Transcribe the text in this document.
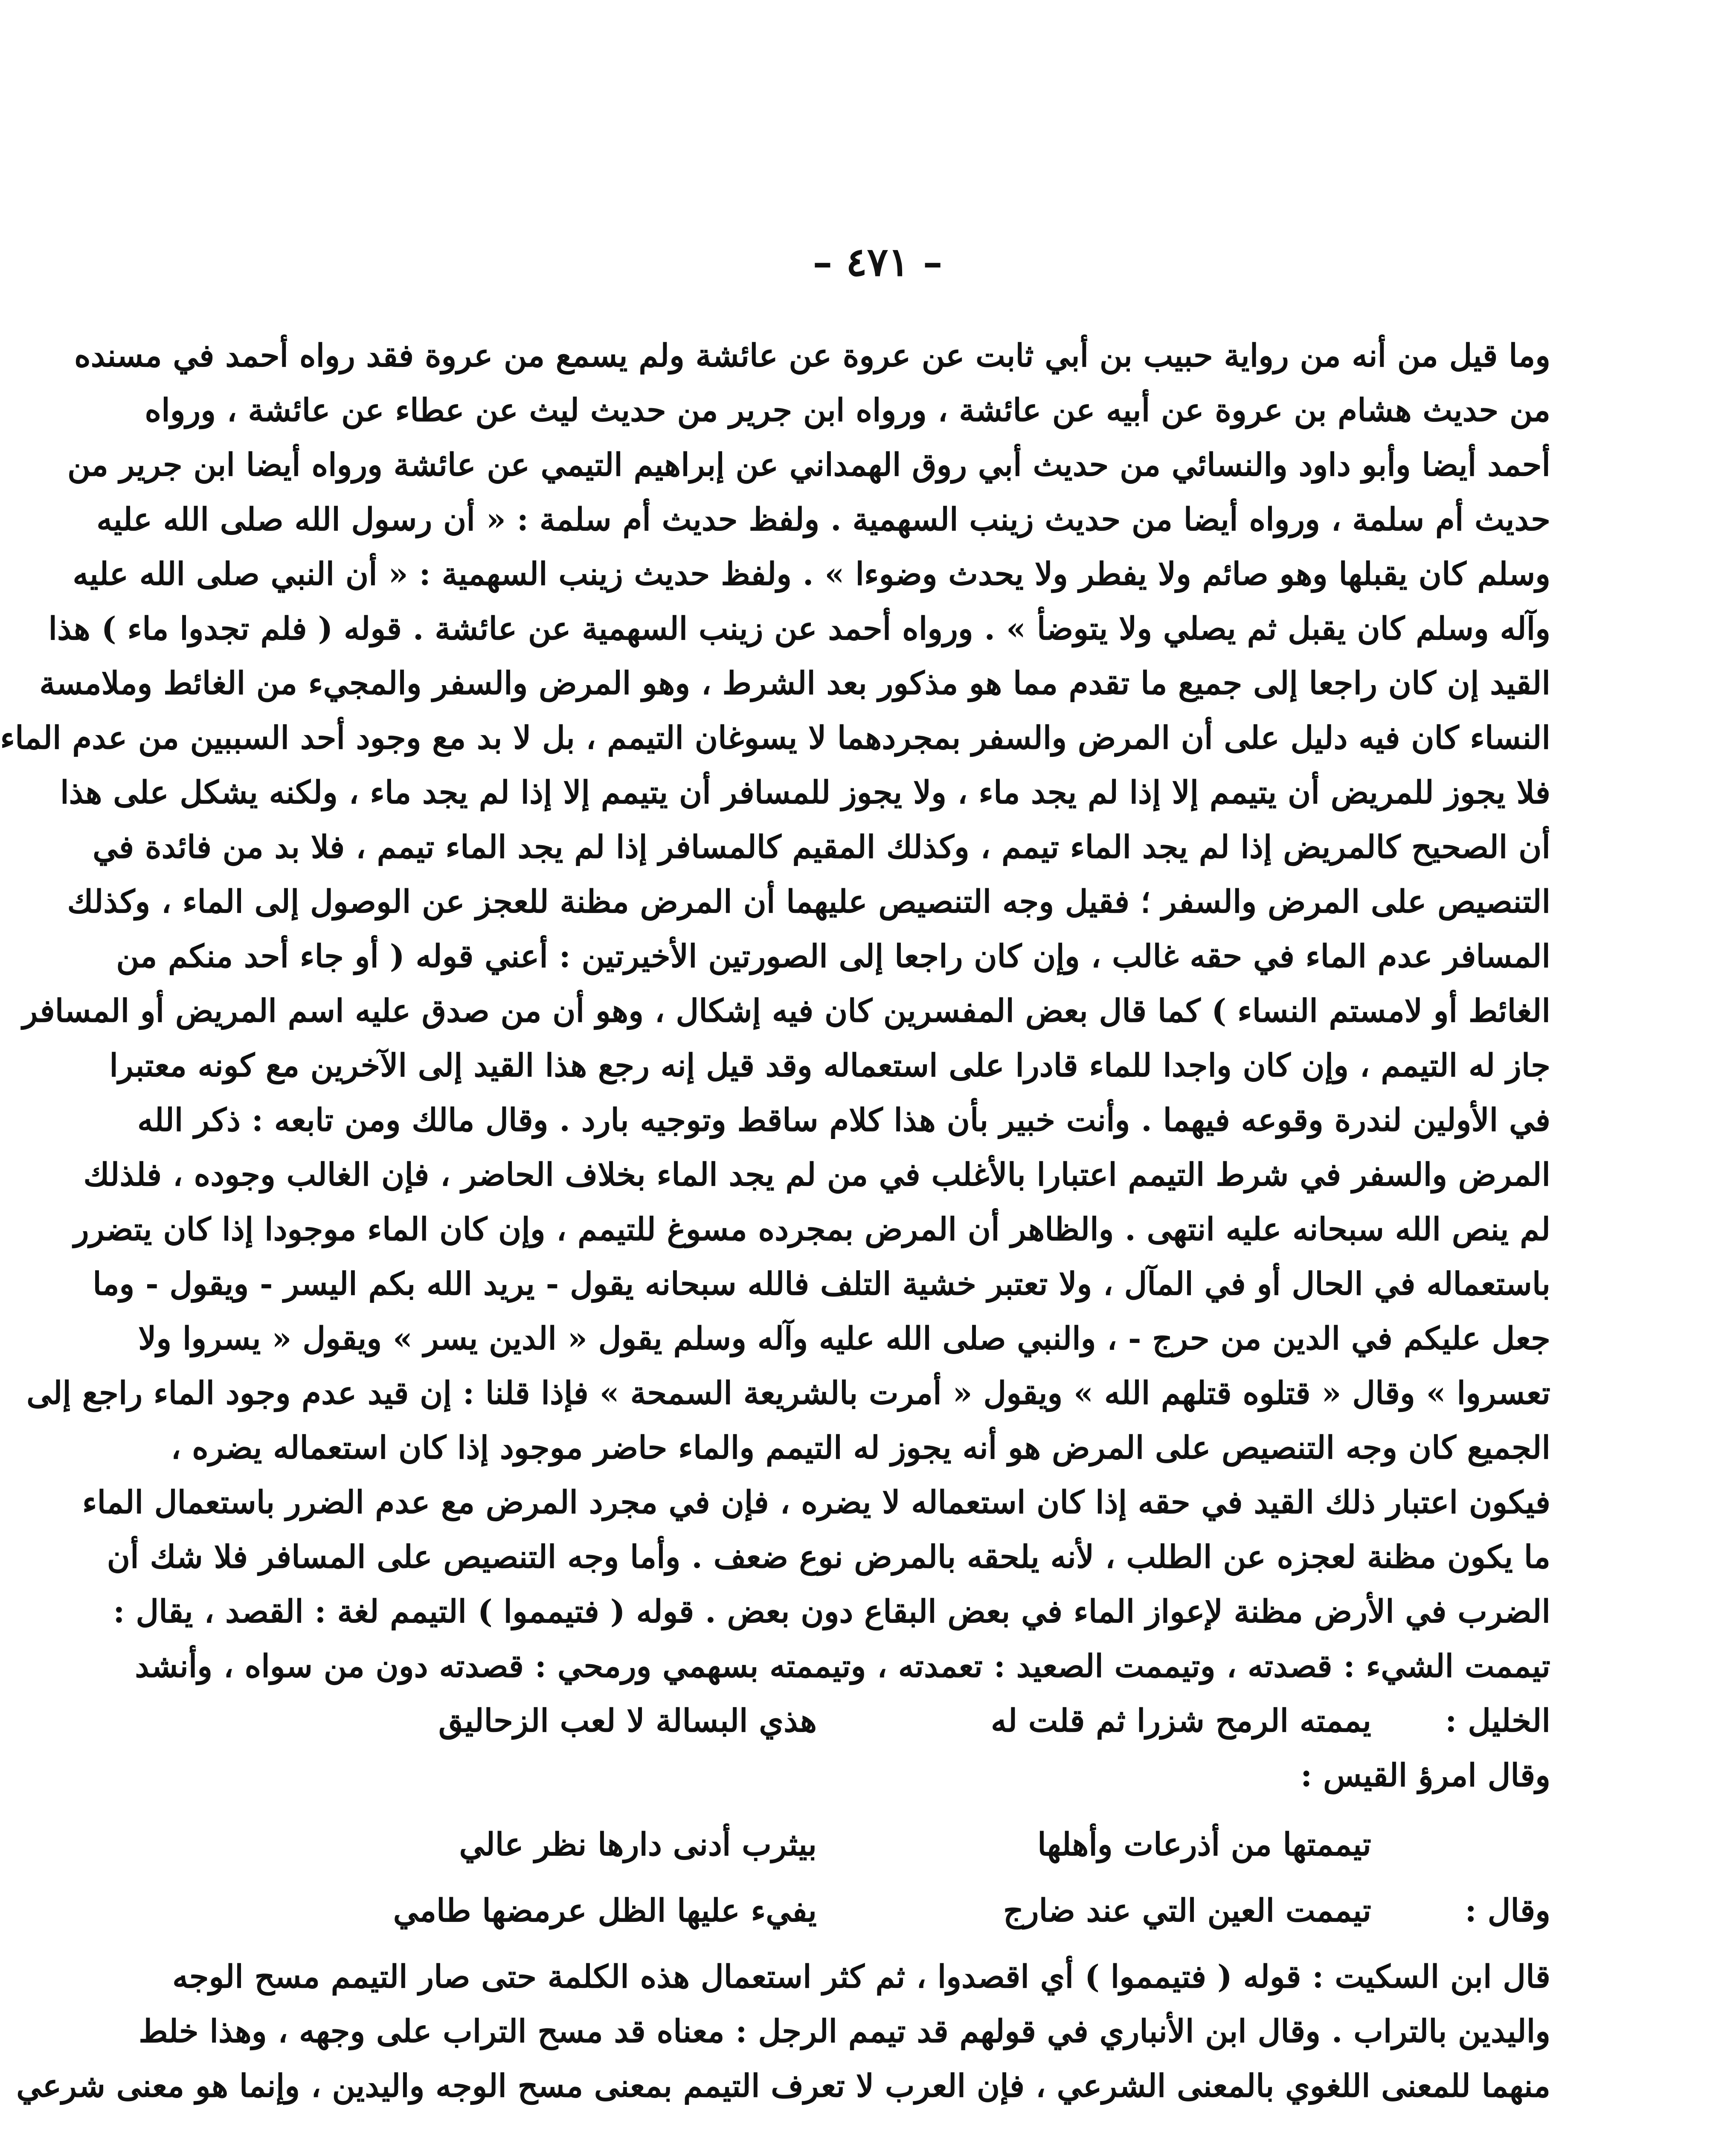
– ٤٧١ –
وما قيل من أنه من رواية حبيب بن أبي ثابت عن عروة عن عائشة ولم يسمع من عروة فقد رواه أحمد في مسنده
من حديث هشام بن عروة عن أبيه عن عائشة ، ورواه ابن جرير من حديث ليث عن عطاء عن عائشة ، ورواه
أحمد أيضا وأبو داود والنسائي من حديث أبي روق الهمداني عن إبراهيم التيمي عن عائشة ورواه أيضا ابن جرير من
حديث أم سلمة ، ورواه أيضا من حديث زينب السهمية . ولفظ حديث أم سلمة : « أن رسول الله صلى الله عليه
وسلم كان يقبلها وهو صائم ولا يفطر ولا يحدث وضوءا » . ولفظ حديث زينب السهمية : « أن النبي صلى الله عليه
وآله وسلم كان يقبل ثم يصلي ولا يتوضأ » . ورواه أحمد عن زينب السهمية عن عائشة . قوله ( فلم تجدوا ماء ) هذا
القيد إن كان راجعا إلى جميع ما تقدم مما هو مذكور بعد الشرط ، وهو المرض والسفر والمجيء من الغائط وملامسة
النساء كان فيه دليل على أن المرض والسفر بمجردهما لا يسوغان التيمم ، بل لا بد مع وجود أحد السببين من عدم الماء
فلا يجوز للمريض أن يتيمم إلا إذا لم يجد ماء ، ولا يجوز للمسافر أن يتيمم إلا إذا لم يجد ماء ، ولكنه يشكل على هذا
أن الصحيح كالمريض إذا لم يجد الماء تيمم ، وكذلك المقيم كالمسافر إذا لم يجد الماء تيمم ، فلا بد من فائدة في
التنصيص على المرض والسفر ؛ فقيل وجه التنصيص عليهما أن المرض مظنة للعجز عن الوصول إلى الماء ، وكذلك
المسافر عدم الماء في حقه غالب ، وإن كان راجعا إلى الصورتين الأخيرتين : أعني قوله ( أو جاء أحد منكم من
الغائط أو لامستم النساء ) كما قال بعض المفسرين كان فيه إشكال ، وهو أن من صدق عليه اسم المريض أو المسافر
جاز له التيمم ، وإن كان واجدا للماء قادرا على استعماله وقد قيل إنه رجع هذا القيد إلى الآخرين مع كونه معتبرا
في الأولين لندرة وقوعه فيهما . وأنت خبير بأن هذا كلام ساقط وتوجيه بارد . وقال مالك ومن تابعه : ذكر الله
المرض والسفر في شرط التيمم اعتبارا بالأغلب في من لم يجد الماء بخلاف الحاضر ، فإن الغالب وجوده ، فلذلك
لم ينص الله سبحانه عليه انتهى . والظاهر أن المرض بمجرده مسوغ للتيمم ، وإن كان الماء موجودا إذا كان يتضرر
باستعماله في الحال أو في المآل ، ولا تعتبر خشية التلف فالله سبحانه يقول - يريد الله بكم اليسر - ويقول - وما
جعل عليكم في الدين من حرج - ، والنبي صلى الله عليه وآله وسلم يقول « الدين يسر » ويقول « يسروا ولا
تعسروا » وقال « قتلوه قتلهم الله » ويقول « أمرت بالشريعة السمحة » فإذا قلنا : إن قيد عدم وجود الماء راجع إلى
الجميع كان وجه التنصيص على المرض هو أنه يجوز له التيمم والماء حاضر موجود إذا كان استعماله يضره ،
فيكون اعتبار ذلك القيد في حقه إذا كان استعماله لا يضره ، فإن في مجرد المرض مع عدم الضرر باستعمال الماء
ما يكون مظنة لعجزه عن الطلب ، لأنه يلحقه بالمرض نوع ضعف . وأما وجه التنصيص على المسافر فلا شك أن
الضرب في الأرض مظنة لإعواز الماء في بعض البقاع دون بعض . قوله ( فتيمموا ) التيمم لغة : القصد ، يقال :
تيممت الشيء : قصدته ، وتيممت الصعيد : تعمدته ، وتيممته بسهمي ورمحي : قصدته دون من سواه ، وأنشد
الخليل :
يممته الرمح شزرا ثم قلت له
هذي البسالة لا لعب الزحاليق
وقال امرؤ القيس :
تيممتها من أذرعات وأهلها
بيثرب أدنى دارها نظر عالي
وقال :
تيممت العين التي عند ضارج
يفيء عليها الظل عرمضها طامي
قال ابن السكيت : قوله ( فتيمموا ) أي اقصدوا ، ثم كثر استعمال هذه الكلمة حتى صار التيمم مسح الوجه
واليدين بالتراب . وقال ابن الأنباري في قولهم قد تيمم الرجل : معناه قد مسح التراب على وجهه ، وهذا خلط
منهما للمعنى اللغوي بالمعنى الشرعي ، فإن العرب لا تعرف التيمم بمعنى مسح الوجه واليدين ، وإنما هو معنى شرعي
